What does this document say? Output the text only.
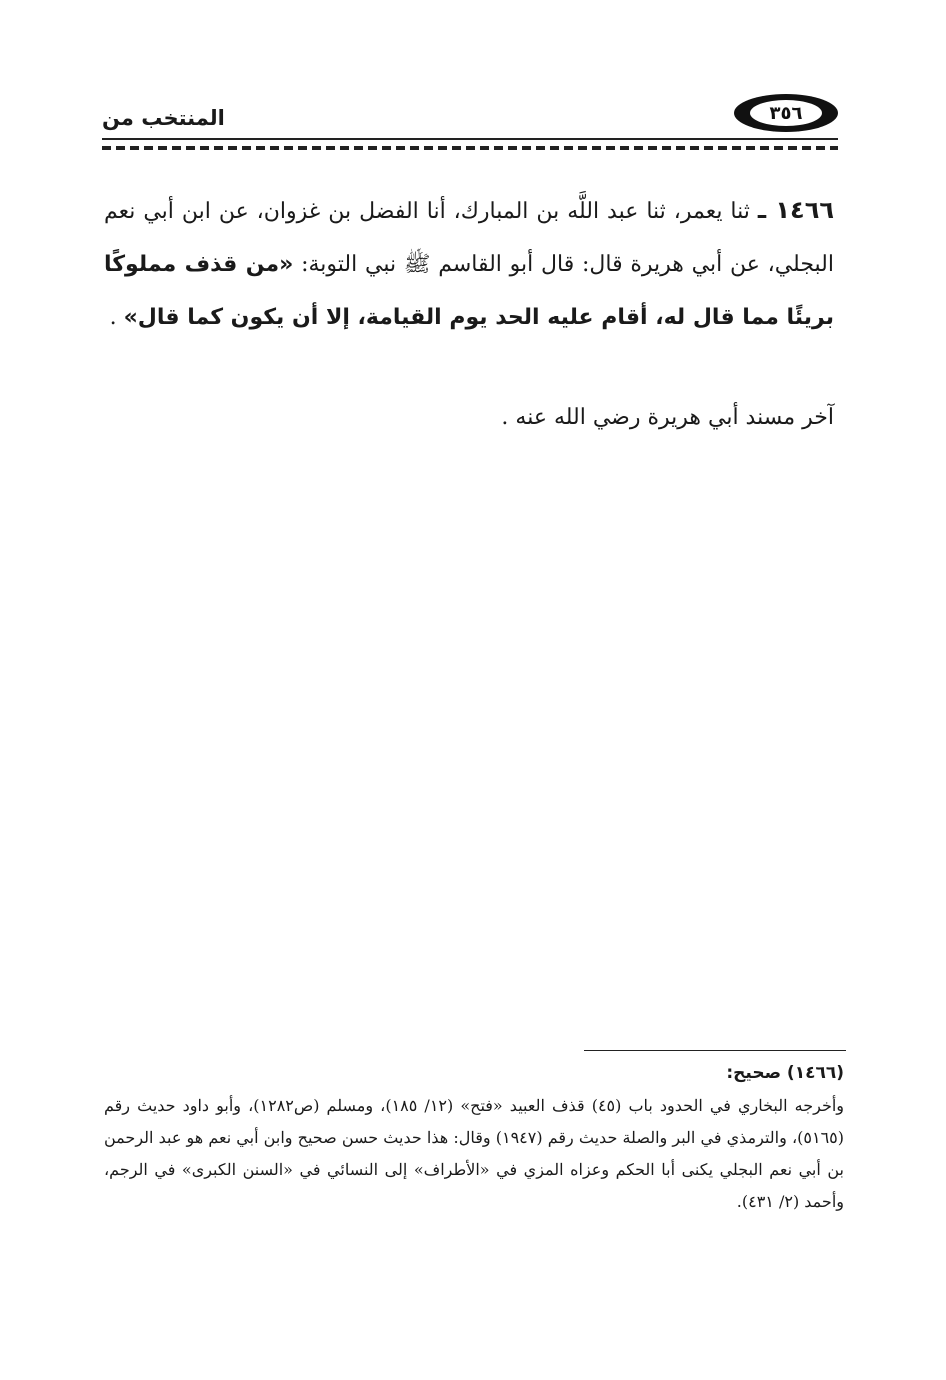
المنتخب من	٣٥٦
١٤٦٦ ـ ثنا يعمر، ثنا عبد اللَّه بن المبارك، أنا الفضل بن غزوان، عن ابن أبي نعم البجلي، عن أبي هريرة قال: قال أبو القاسم ﷺ نبي التوبة: «من قذف مملوكًا بريئًا مما قال له، أقام عليه الحد يوم القيامة، إلا أن يكون كما قال» .
آخر مسند أبي هريرة رضي الله عنه .
(١٤٦٦) صحيح:
وأخرجه البخاري في الحدود باب (٤٥) قذف العبيد «فتح» (١٢/ ١٨٥)، ومسلم (ص١٢٨٢)، وأبو داود حديث رقم (٥١٦٥)، والترمذي في البر والصلة حديث رقم (١٩٤٧) وقال: هذا حديث حسن صحيح وابن أبي نعم هو عبد الرحمن بن أبي نعم البجلي يكنى أبا الحكم وعزاه المزي في «الأطراف» إلى النسائي في «السنن الكبرى» في الرجم، وأحمد (٢/ ٤٣١).
